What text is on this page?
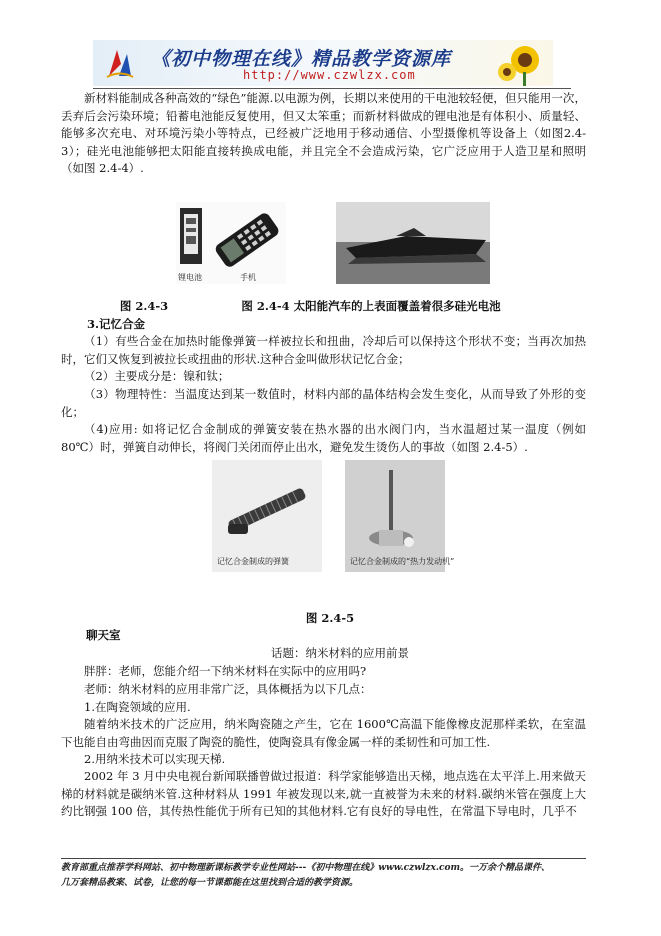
《初中物理在线》精品教学资源库
http://www.czwlzx.com
新材料能制成各种高效的“绿色”能源.以电源为例，长期以来使用的干电池较轻便，但只能用一次，丢弃后会污染环境；铅蓄电池能反复使用，但又太笨重；而新材料做成的锂电池是有体积小、质量轻、能够多次充电、对环境污染小等特点，已经被广泛地用于移动通信、小型摄像机等设备上（如图2.4-3）；硅光电池能够把太阳能直接转换成电能，并且完全不会造成污染，它广泛应用于人造卫星和照明（如图 2.4-4）.
锂电池	手机
图 2.4-3	图 2.4-4 太阳能汽车的上表面覆盖着很多硅光电池
3.记忆合金
（1）有些合金在加热时能像弹簧一样被拉长和扭曲，冷却后可以保持这个形状不变；当再次加热时，它们又恢复到被拉长或扭曲的形状.这种合金叫做形状记忆合金；
（2）主要成分是：镍和钛；
（3）物理特性：当温度达到某一数值时，材料内部的晶体结构会发生变化，从而导致了外形的变化；
（4)应用: 如将记忆合金制成的弹簧安装在热水器的出水阀门内，当水温超过某一温度（例如 80℃）时，弹簧自动伸长，将阀门关闭而停止出水，避免发生烫伤人的事故（如图 2.4-5）.
记忆合金制成的弹簧	记忆合金制成的“热力发动机”
图 2.4-5
聊天室
话题：纳米材料的应用前景
胖胖：老师，您能介绍一下纳米材料在实际中的应用吗?
老师：纳米材料的应用非常广泛，具体概括为以下几点：
1.在陶瓷领域的应用.
随着纳米技术的广泛应用，纳米陶瓷随之产生，它在 1600℃高温下能像橡皮泥那样柔软，在室温下也能自由弯曲因而克服了陶瓷的脆性，使陶瓷具有像金属一样的柔韧性和可加工性.
2.用纳米技术可以实现天梯.
2002 年 3 月中央电视台新闻联播曾做过报道：科学家能够造出天梯，地点选在太平洋上.用来做天梯的材料就是碳纳米管.这种材料从 1991 年被发现以来,就一直被誉为未来的材料.碳纳米管在强度上大约比钢强 100 倍，其传热性能优于所有已知的其他材料.它有良好的导电性，在常温下导电时，几乎不
教育部重点推荐学科网站、初中物理新课标教学专业性网站---《初中物理在线》www.czwlzx.com。一万余个精品课件、
几万套精品教案、试卷，让您的每一节课都能在这里找到合适的教学资源。
